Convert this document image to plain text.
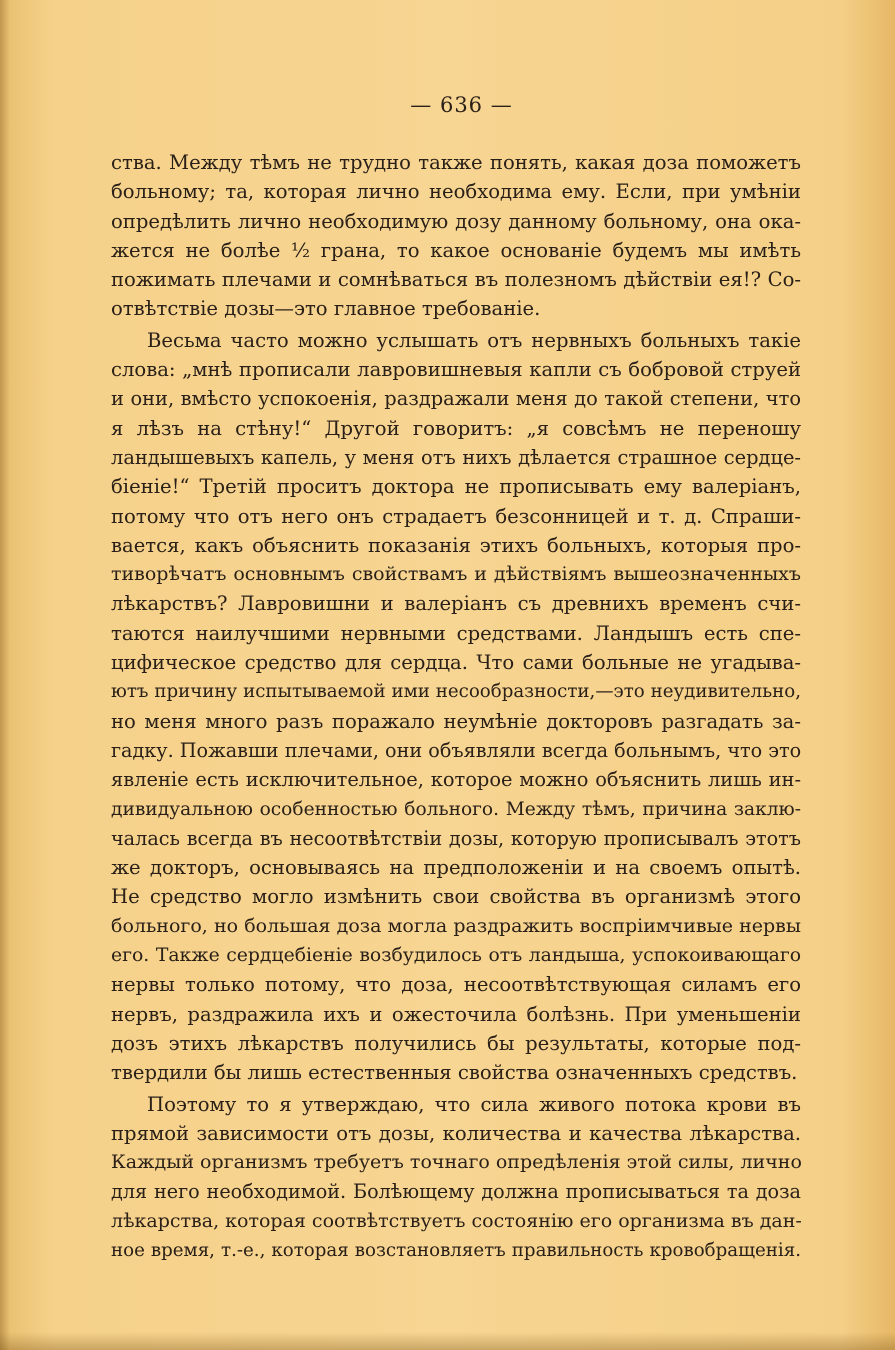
— 636 —
ства. Между тѣмъ не трудно также понять, какая доза поможетъ
больному; та, которая лично необходима ему. Если, при умѣніи
опредѣлить лично необходимую дозу данному больному, она ока-
жется не болѣе ½ грана, то какое основаніе будемъ мы имѣть
пожимать плечами и сомнѣваться въ полезномъ дѣйствіи ея!? Со-
отвѣтствіе дозы—это главное требованіе.
Весьма часто можно услышать отъ нервныхъ больныхъ такіе
слова: „мнѣ прописали лавровишневыя капли съ бобровой струей
и они, вмѣсто успокоенія, раздражали меня до такой степени, что
я лѣзъ на стѣну!“ Другой говоритъ: „я совсѣмъ не переношу
ландышевыхъ капель, у меня отъ нихъ дѣлается страшное сердце-
біеніе!“ Третій проситъ доктора не прописывать ему валеріанъ,
потому что отъ него онъ страдаетъ безсонницей и т. д. Спраши-
вается, какъ объяснить показанія этихъ больныхъ, которыя про-
тиворѣчатъ основнымъ свойствамъ и дѣйствіямъ вышеозначенныхъ
лѣкарствъ? Лавровишни и валеріанъ съ древнихъ временъ счи-
таются наилучшими нервными средствами. Ландышъ есть спе-
цифическое средство для сердца. Что сами больные не угадыва-
ютъ причину испытываемой ими несообразности,—это неудивительно,
но меня много разъ поражало неумѣніе докторовъ разгадать за-
гадку. Пожавши плечами, они объявляли всегда больнымъ, что это
явленіе есть исключительное, которое можно объяснить лишь ин-
дивидуальною особенностью больного. Между тѣмъ, причина заклю-
чалась всегда въ несоотвѣтствіи дозы, которую прописывалъ этотъ
же докторъ, основываясь на предположеніи и на своемъ опытѣ.
Не средство могло измѣнить свои свойства въ организмѣ этого
больного, но большая доза могла раздражить воспріимчивые нервы
его. Также сердцебіеніе возбудилось отъ ландыша, успокоивающаго
нервы только потому, что доза, несоотвѣтствующая силамъ его
нервъ, раздражила ихъ и ожесточила болѣзнь. При уменьшеніи
дозъ этихъ лѣкарствъ получились бы результаты, которые под-
твердили бы лишь естественныя свойства означенныхъ средствъ.
Поэтому то я утверждаю, что сила живого потока крови въ
прямой зависимости отъ дозы, количества и качества лѣкарства.
Каждый организмъ требуетъ точнаго опредѣленія этой силы, лично
для него необходимой. Болѣющему должна прописываться та доза
лѣкарства, которая соотвѣтствуетъ состоянію его организма въ дан-
ное время, т.-е., которая возстановляетъ правильность кровобращенія.
